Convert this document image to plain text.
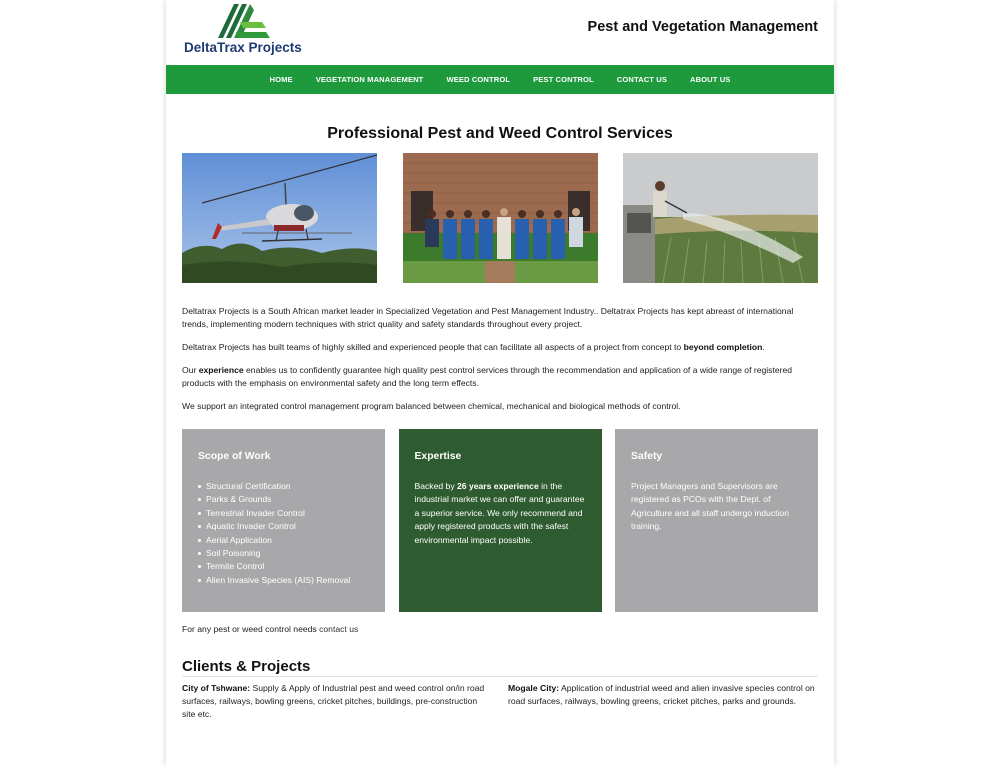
DeltaTrax Projects
Pest and Vegetation Management
HOME	VEGETATION MANAGEMENT	WEED CONTROL	PEST CONTROL	CONTACT US	ABOUT US
Professional Pest and Weed Control Services

Deltatrax Projects is a South African market leader in Specialized Vegetation and Pest Management Industry.. Deltatrax Projects has kept abreast of international trends, implementing modern techniques with strict quality and safety standards throughout every project.

Deltatrax Projects has built teams of highly skilled and experienced people that can facilitate all aspects of a project from concept to beyond completion.

Our experience enables us to confidently guarantee high quality pest control services through the recommendation and application of a wide range of registered products with the emphasis on environmental safety and the long term effects.

We support an integrated control management program balanced between chemical, mechanical and biological methods of control.

Scope of Work
Structural Certification
Parks & Grounds
Terrestrial Invader Control
Aquatic Invader Control
Aerial Application
Soil Poisoning
Termite Control
Alien Invasive Species (AIS) Removal
Expertise

Backed by 26 years experience in the industrial market we can offer and guarantee a superior service. We only recommend and apply registered products with the safest environmental impact possible.

Safety

Project Managers and Supervisors are registered as PCOs with the Dept. of Agriculture and all staff undergo induction training.

For any pest or weed control needs contact us
Clients & Projects
City of Tshwane: Supply & Apply of Industrial pest and weed control on/in road surfaces, railways, bowling greens, cricket pitches, buildings, pre-construction site etc.
Mogale City: Application of industrial weed and alien invasive species control on road surfaces, railways, bowling greens, cricket pitches, parks and grounds.
